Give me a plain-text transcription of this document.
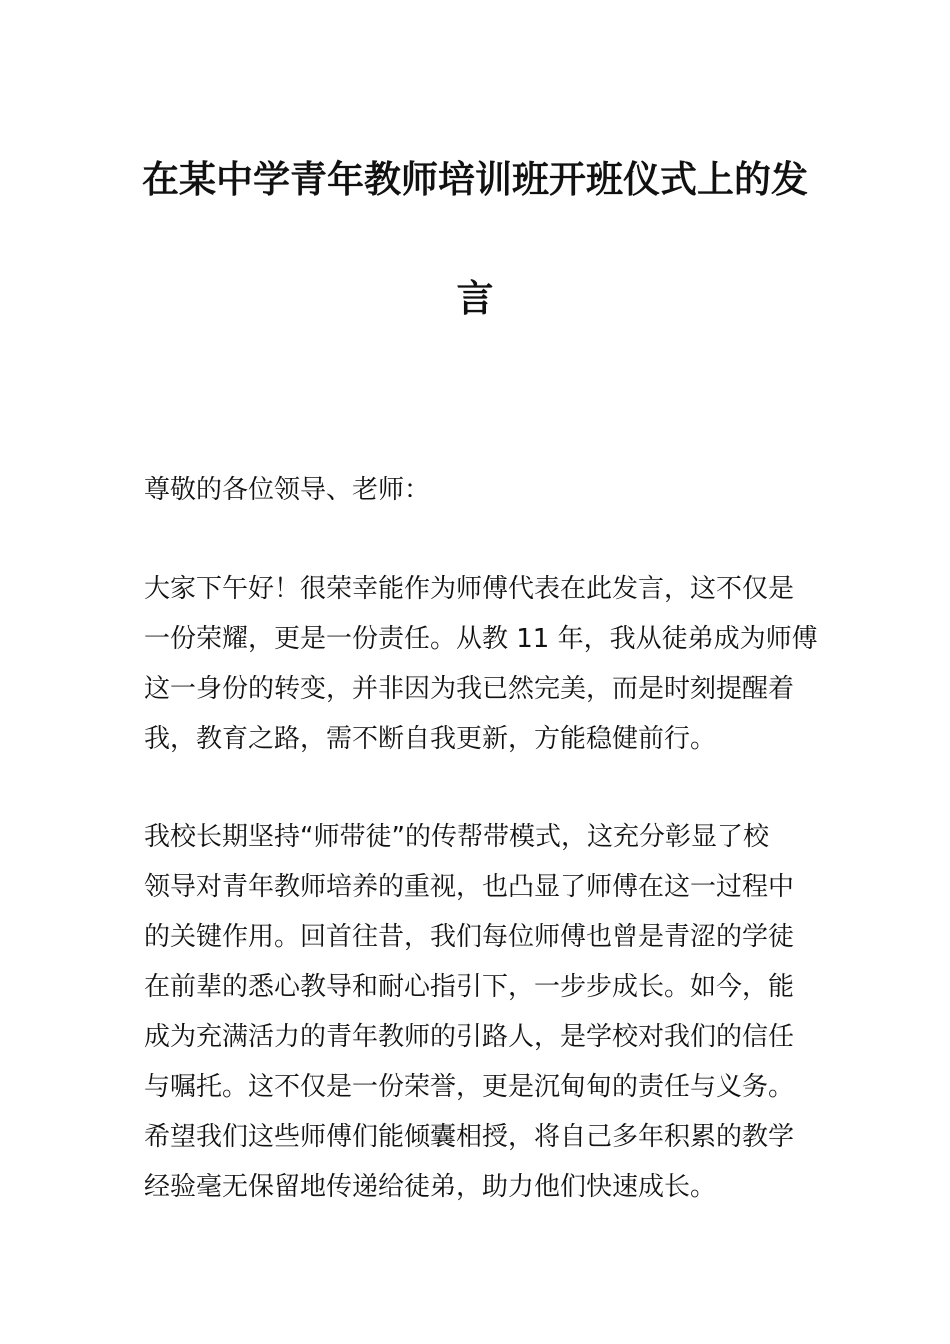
在某中学青年教师培训班开班仪式上的发
言
尊敬的各位领导、老师：
大家下午好！很荣幸能作为师傅代表在此发言，这不仅是
一份荣耀，更是一份责任。从教 11 年，我从徒弟成为师傅
这一身份的转变，并非因为我已然完美，而是时刻提醒着
我，教育之路，需不断自我更新，方能稳健前行。
我校长期坚持“师带徒”的传帮带模式，这充分彰显了校
领导对青年教师培养的重视，也凸显了师傅在这一过程中
的关键作用。回首往昔，我们每位师傅也曾是青涩的学徒
在前辈的悉心教导和耐心指引下，一步步成长。如今，能
成为充满活力的青年教师的引路人，是学校对我们的信任
与嘱托。这不仅是一份荣誉，更是沉甸甸的责任与义务。
希望我们这些师傅们能倾囊相授，将自己多年积累的教学
经验毫无保留地传递给徒弟，助力他们快速成长。
